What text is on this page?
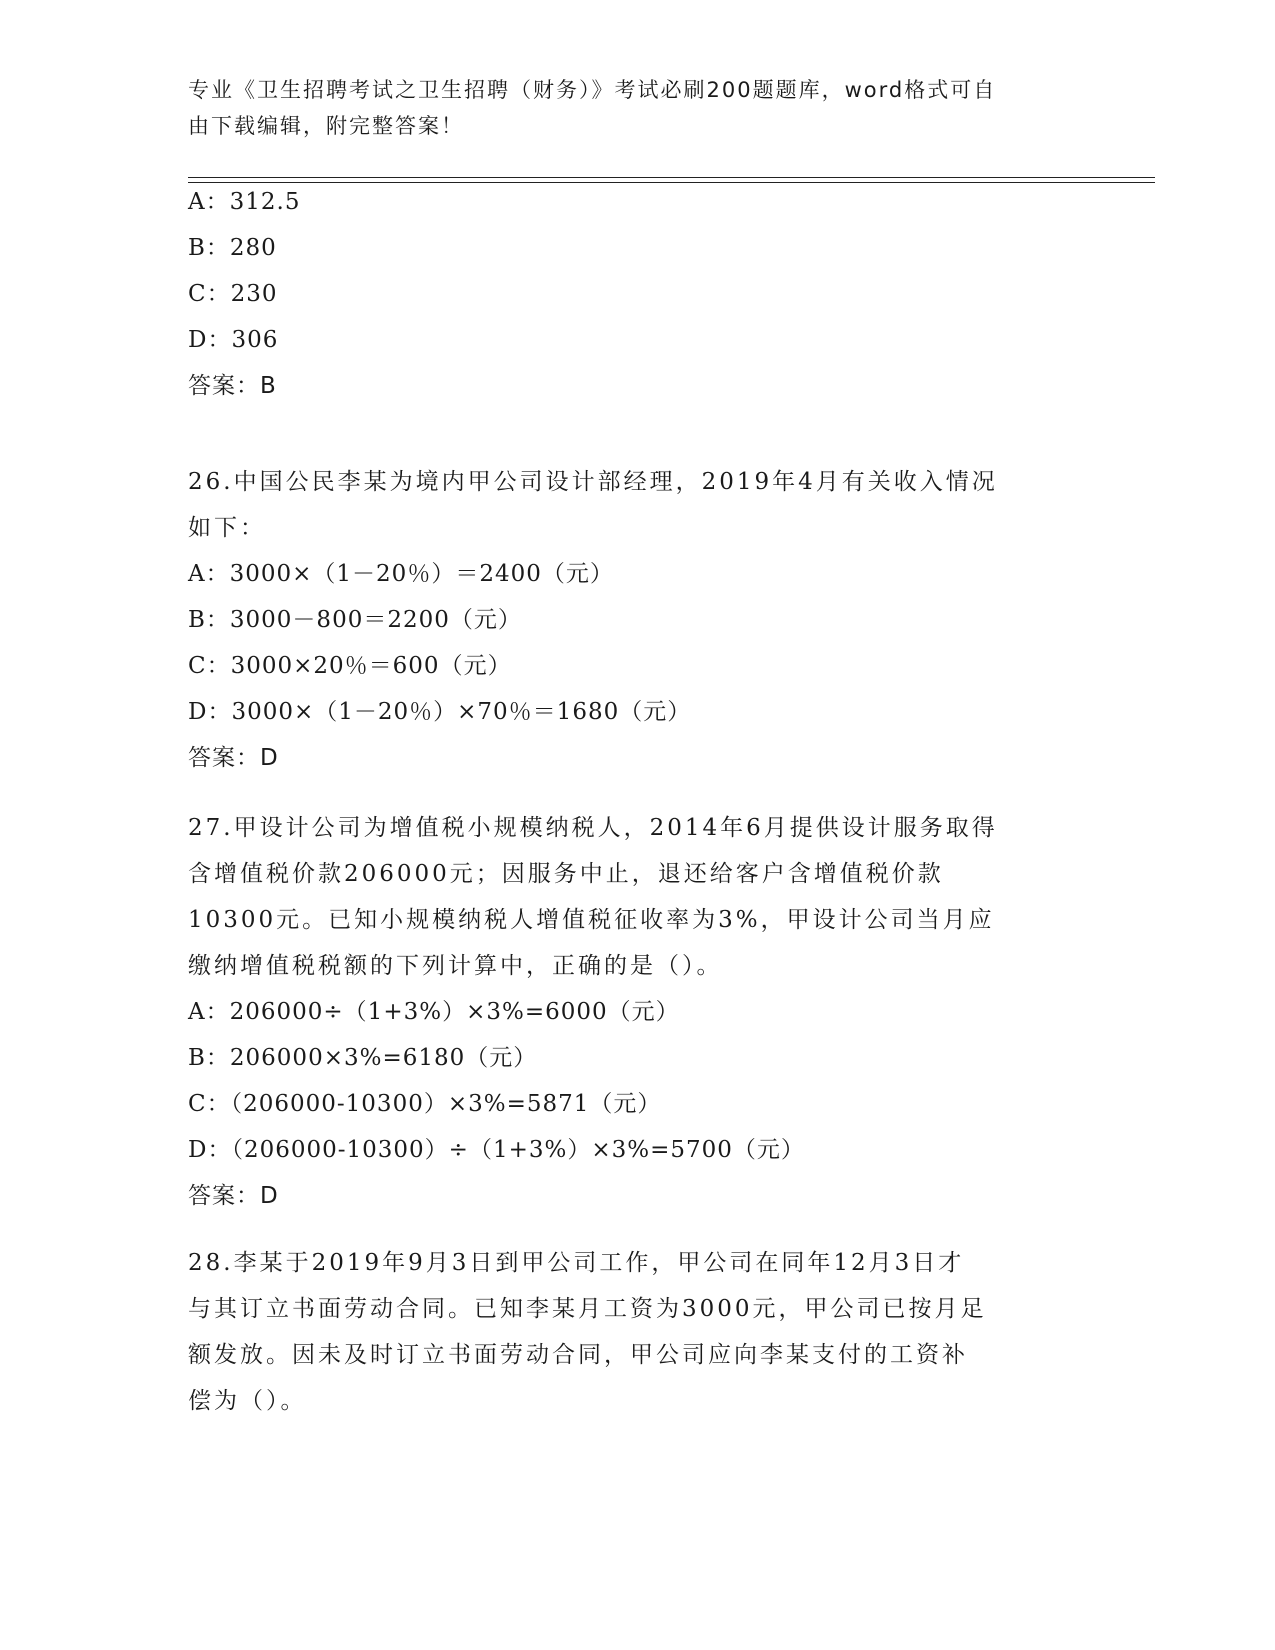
专业《卫生招聘考试之卫生招聘（财务）》考试必刷200题题库，word格式可自
由下载编辑，附完整答案！
A：312.5
B：280
C：230
D：306
答案：B
26.中国公民李某为境内甲公司设计部经理，2019年4月有关收入情况
如下：
A：3000×（1－20％）＝2400（元）
B：3000－800＝2200（元）
C：3000×20％＝600（元）
D：3000×（1－20％）×70％＝1680（元）
答案：D
27.甲设计公司为增值税小规模纳税人，2014年6月提供设计服务取得
含增值税价款206000元；因服务中止，退还给客户含增值税价款
10300元。已知小规模纳税人增值税征收率为3%，甲设计公司当月应
缴纳增值税税额的下列计算中，正确的是（）。
A：206000÷（1+3%）×3%=6000（元）
B：206000×3%=6180（元）
C：（206000-10300）×3%=5871（元）
D：（206000-10300）÷（1+3%）×3%=5700（元）
答案：D
28.李某于2019年9月3日到甲公司工作，甲公司在同年12月3日才
与其订立书面劳动合同。已知李某月工资为3000元，甲公司已按月足
额发放。因未及时订立书面劳动合同，甲公司应向李某支付的工资补
偿为（）。
